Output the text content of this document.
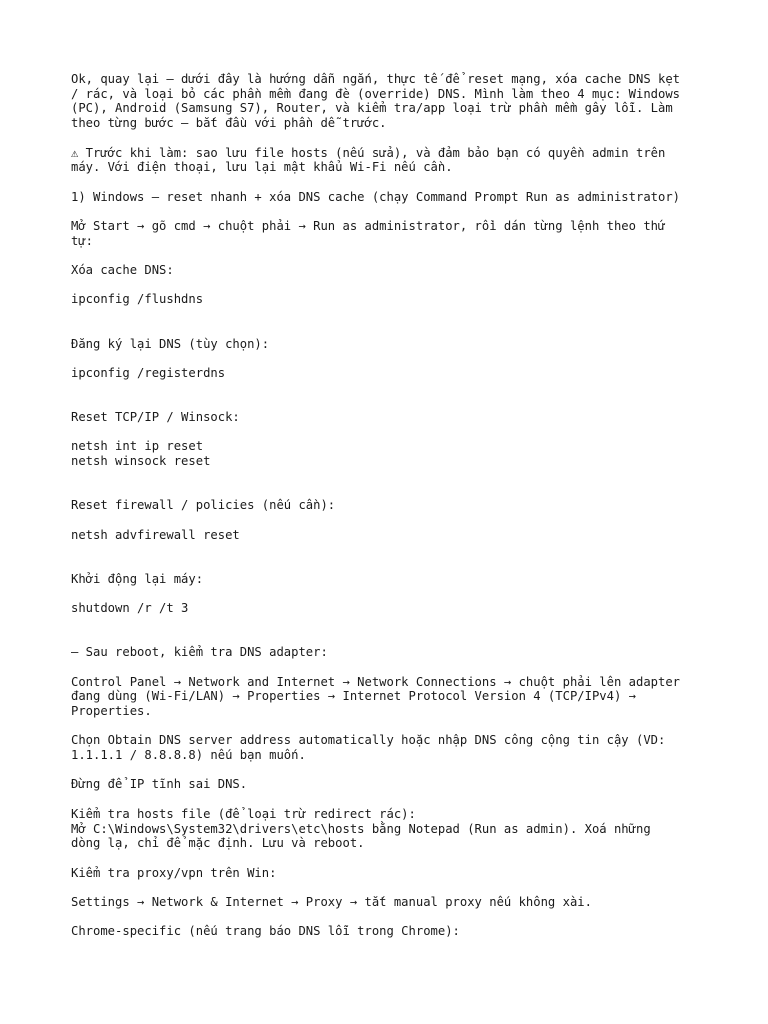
Ok, quay lại — dưới đây là hướng dẫn ngắn, thực tế để reset mạng, xóa cache DNS kẹt
/ rác, và loại bỏ các phần mềm đang đè (override) DNS. Mình làm theo 4 mục: Windows
(PC), Android (Samsung S7), Router, và kiểm tra/app loại trừ phần mềm gây lỗi. Làm
theo từng bước — bắt đầu với phần dễ trước.

⚠ Trước khi làm: sao lưu file hosts (nếu sửa), và đảm bảo bạn có quyền admin trên
máy. Với điện thoại, lưu lại mật khẩu Wi-Fi nếu cần.

1) Windows — reset nhanh + xóa DNS cache (chạy Command Prompt Run as administrator)

Mở Start → gõ cmd → chuột phải → Run as administrator, rồi dán từng lệnh theo thứ
tự:

Xóa cache DNS:

ipconfig /flushdns

Đăng ký lại DNS (tùy chọn):

ipconfig /registerdns

Reset TCP/IP / Winsock:

netsh int ip reset
netsh winsock reset

Reset firewall / policies (nếu cần):

netsh advfirewall reset

Khởi động lại máy:

shutdown /r /t 3

— Sau reboot, kiểm tra DNS adapter:

Control Panel → Network and Internet → Network Connections → chuột phải lên adapter
đang dùng (Wi-Fi/LAN) → Properties → Internet Protocol Version 4 (TCP/IPv4) →
Properties.

Chọn Obtain DNS server address automatically hoặc nhập DNS công cộng tin cậy (VD:
1.1.1.1 / 8.8.8.8) nếu bạn muốn.

Đừng để IP tĩnh sai DNS.

Kiểm tra hosts file (để loại trừ redirect rác):
Mở C:\Windows\System32\drivers\etc\hosts bằng Notepad (Run as admin). Xoá những
dòng lạ, chỉ để mặc định. Lưu và reboot.

Kiểm tra proxy/vpn trên Win:

Settings → Network & Internet → Proxy → tắt manual proxy nếu không xài.

Chrome-specific (nếu trang báo DNS lỗi trong Chrome):
